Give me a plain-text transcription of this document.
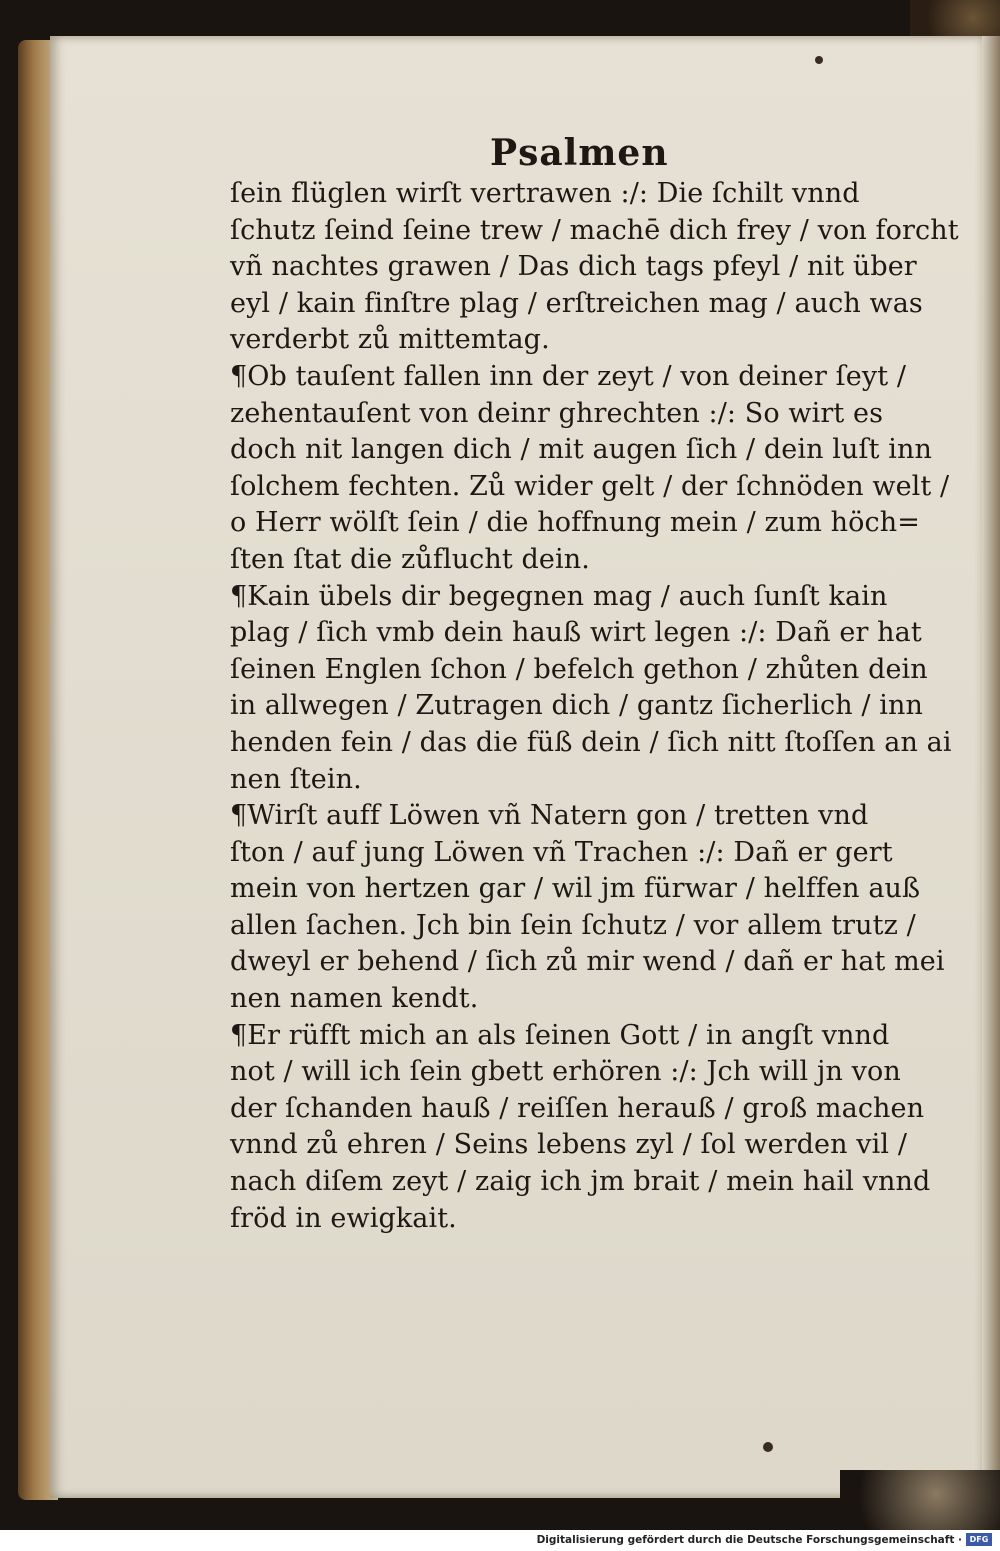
Psalmen
ſein flüglen wirſt vertrawen :/: Die ſchilt vnnd
ſchutz ſeind ſeine trew / machē dich frey / von forcht
vñ nachtes grawen / Das dich tags pfeyl / nit über
eyl / kain finſtre plag / erſtreichen mag / auch was
verderbt zů mittemtag.
¶Ob tauſent fallen inn der zeyt / von deiner ſeyt /
zehentauſent von deinr ghrechten :/: So wirt es
doch nit langen dich / mit augen ſich / dein luſt inn
ſolchem fechten. Zů wider gelt / der ſchnöden welt /
o Herr wölſt ſein / die hoffnung mein / zum höch=
ſten ſtat die zůflucht dein.
¶Kain übels dir begegnen mag / auch ſunſt kain
plag / ſich vmb dein hauß wirt legen :/: Dañ er hat
ſeinen Englen ſchon / befelch gethon / zhůten dein
in allwegen / Zutragen dich / gantz ſicherlich / inn
henden fein / das die füß dein / ſich nitt ſtoſſen an ai
nen ſtein.
¶Wirſt auff Löwen vñ Natern gon / tretten vnd
ſton / auf jung Löwen vñ Trachen :/: Dañ er gert
mein von hertzen gar / wil jm fürwar / helffen auß
allen ſachen. Jch bin ſein ſchutz / vor allem trutz /
dweyl er behend / ſich zů mir wend / dañ er hat mei
nen namen kendt.
¶Er rüfft mich an als ſeinen Gott / in angſt vnnd
not / will ich ſein gbett erhören :/: Jch will jn von
der ſchanden hauß / reiſſen herauß / groß machen
vnnd zů ehren / Seins lebens zyl / ſol werden vil /
nach diſem zeyt / zaig ich jm brait / mein hail vnnd
fröd in ewigkait.
Digitalisierung gefördert durch die Deutsche Forschungsgemeinschaft · DFG
